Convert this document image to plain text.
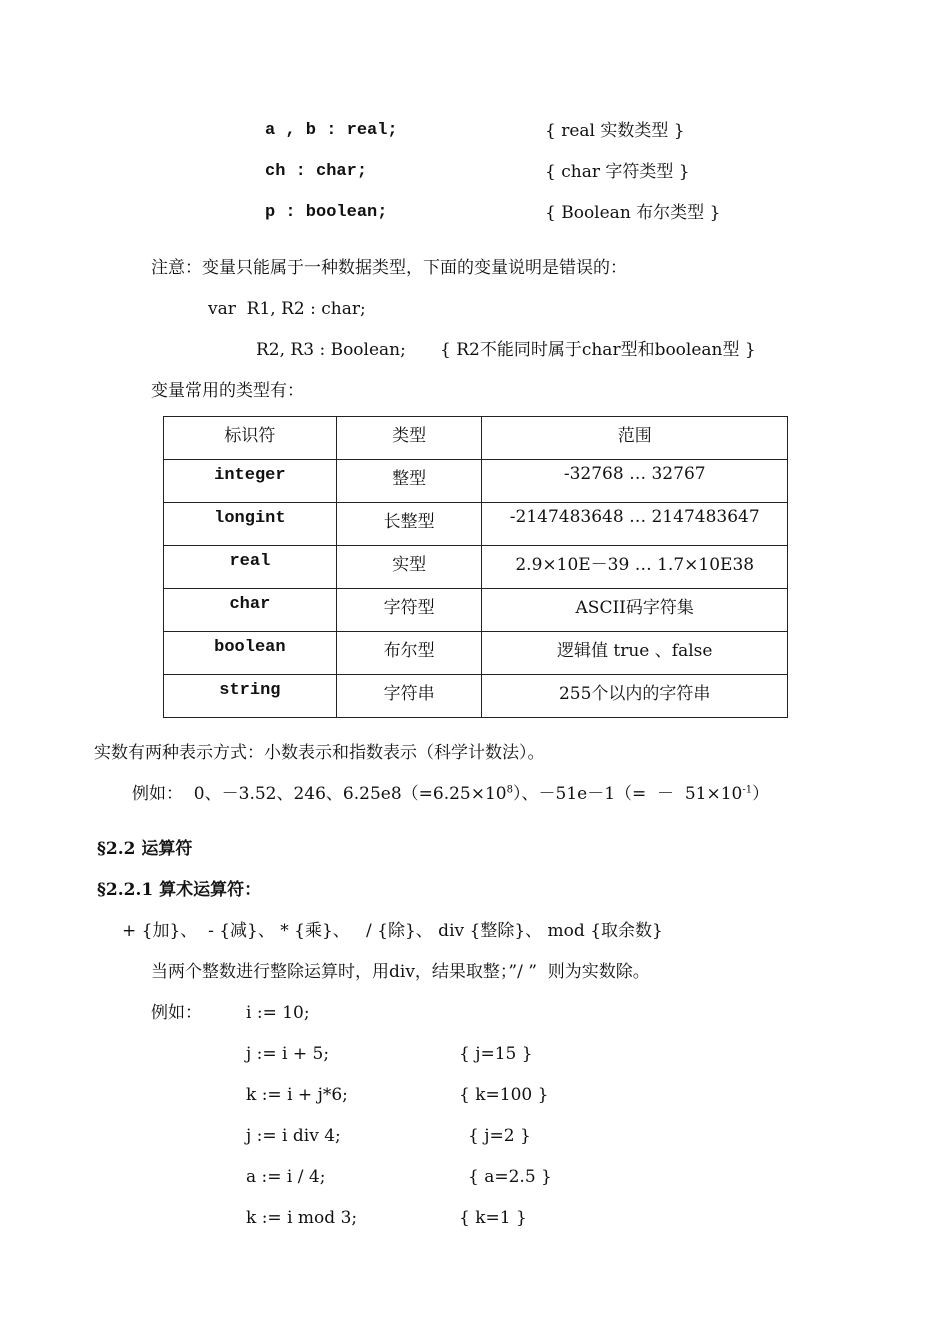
a , b : real;	{ real 实数类型 }
ch : char;	{ char 字符类型 }
p : boolean;	{ Boolean 布尔类型 }
注意：变量只能属于一种数据类型，下面的变量说明是错误的：
var  R1, R2 : char;
R2, R3 : Boolean; { R2不能同时属于char型和boolean型 }
变量常用的类型有：
标识符	类型	范围
integer	整型	-32768 … 32767
longint	长整型	-2147483648 … 2147483647
real	实型	2.9×10E－39 … 1.7×10E38
char	字符型	ASCII码字符集
boolean	布尔型	逻辑值 true 、false
string	字符串	255个以内的字符串
实数有两种表示方式：小数表示和指数表示（科学计数法）。
例如：  0、－3.52、246、$6.25e8(=6.25\times 10^8)$、$-51e-1(= - 51\times 10^{-1})$
§2.2 运算符
§2.2.1 算术运算符：
+ {加}、  - {减}、 * {乘}、   / {除}、 div {整除}、 mod {取余数}
当两个整数进行整除运算时，用div，结果取整；”/ ”  则为实数除。
例如：	i := 10;
j := i + 5;	{ j=15 }
k := i + j*6;	{ k=100 }
j := i div 4;	{ j=2 }
a := i / 4;	{ a=2.5 }
k := i mod 3;	{ k=1 }
